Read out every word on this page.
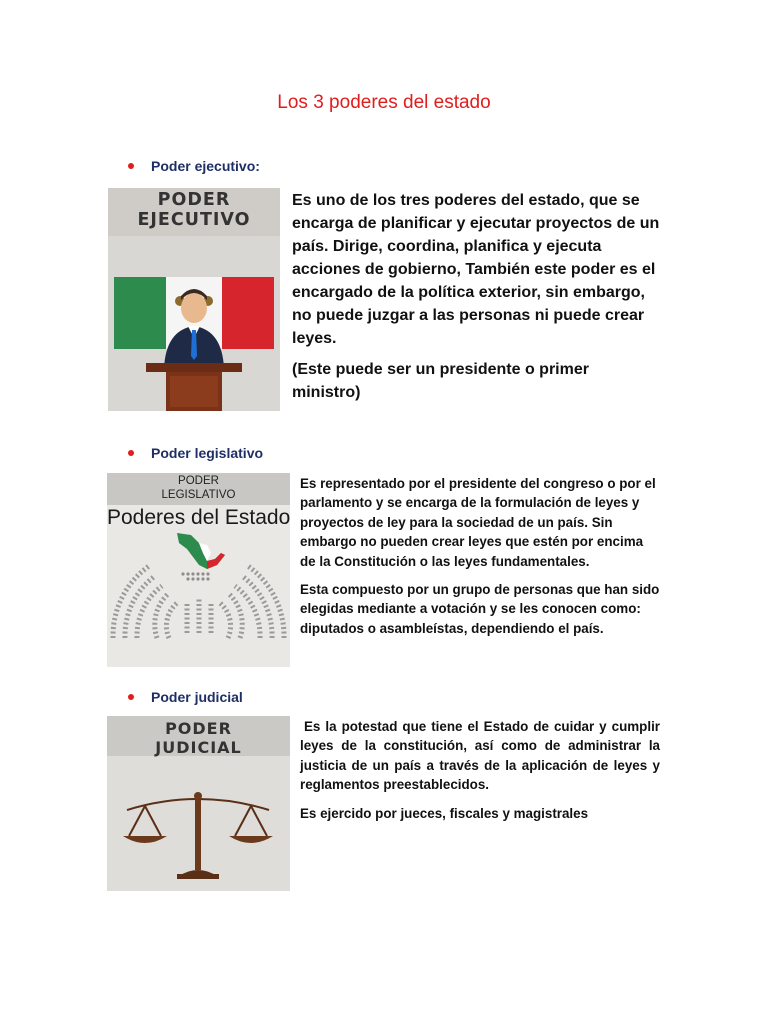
Los 3 poderes del estado
Poder ejecutivo:
PODER
EJECUTIVO

Es uno de los tres poderes del estado, que se encarga de planificar y ejecutar proyectos de un país. Dirige, coordina, planifica y ejecuta acciones de gobierno, También este poder es el encargado de la política exterior, sin embargo, no puede juzgar a las personas ni puede crear leyes.

(Este puede ser un presidente o primer ministro)

Poder legislativo
PODER
LEGISLATIVO
Poderes del Estado

Es representado por el presidente del congreso o por el parlamento y se encarga de la formulación de leyes y proyectos de ley para la sociedad de un país. Sin embargo no pueden crear leyes que estén por encima de la Constitución o las leyes fundamentales.

Esta compuesto por un grupo de personas que han sido elegidas mediante a votación y se les conocen como: diputados o asambleístas, dependiendo el país.

Poder judicial
PODER
JUDICIAL

Es la potestad que tiene el Estado de cuidar y cumplir leyes de la constitución, así como de administrar la justicia de un país a través de la aplicación de leyes y reglamentos preestablecidos.

Es ejercido por jueces, fiscales y magistrales
